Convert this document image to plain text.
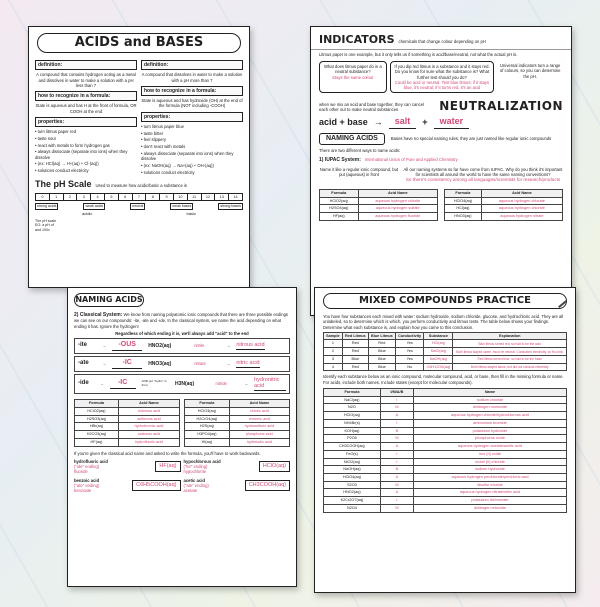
ACIDS and
BASES
definition:
A compound that contains hydrogen acting as a metal and dissolves in water to make a solution with a pH less than 7
how to recognize in a formula:
State is aqueous and has H at the front of formula, OR COOH at the end
properties:
• turn litmus paper red
• taste sour
• react with metals to form hydrogen gas
• always dissociate (separate into ions) when they dissolve
• (ex: HCl(aq) → H+(aq) + Cl-(aq))
• solutions conduct electricity
definition:
A compound that dissolves in water to make a solution with a pH more than 7
how to recognize in a formula:
State is aqueous and has hydroxide (OH) at the end of the formula (NOT including -COOH)
properties:
• turn litmus paper blue
• taste bitter
• feel slippery
• don't react with metals
• always dissociate (separate into ions) when they dissolve
• (ex: NaOH(aq) → Na+(aq) + OH-(aq))
• solutions conduct electricity
The pH Scale Used to measure how acidic/basic a substance is
0	1	2	3	4	5	6	7	8	9	10	11	12	13	14
strong acids	weak acids	neutral	weak bases	strong bases
acidic	basic
The pH scale
EO: a pH of
and 100x
INDICATORS chemicals that change colour depending on pH
Litmus paper is one example, but it only tells us if something is acid/base/neutral, not what the actual pH is.
What does litmus paper do in a neutral substance?
Stays the same colour
If you dip red litmus in a substance and it stays red. Do you know for sure what the substance is? What further test should you do?
Could be acid or neutral. Test blue litmus; if it stays blue, it's neutral; if it turns red, it's an acid
Universal indicators turn a range of colours, so you can determine the pH.
when we mix an acid and base together, they can cancel each other out to make neutral substances	NEUTRALIZATION
acid + base →	salt	+	water
NAMING ACIDS	Bases have no special naming rules, they are just named like regular ionic compounds
There are two different ways to name acids:
1) IUPAC System: International Union of Pure and Applied Chemistry
Name it like a regular ionic compound, but put (aqueous) in front
All our naming systems so far have come from IUPAC. Why do you think it's important for scientists all around the world to have the same naming conventions?
So there's consistency among all languages/scientists for research/products
Formula	Acid Name
HClO2(aq)	aqueous hydrogen chlorite
H2SO4(aq)	aqueous hydrogen sulfate
HF(aq)	aqueous hydrogen fluoride
Formula	Acid Name
HClO4(aq)	aqueous hydrogen chlorate
HCl(aq)	aqueous hydrogen chloride
HNO3(aq)	aqueous hydrogen nitrate
NAMING ACIDS
2) Classical System: We know from naming polyatomic ionic compounds that there are three possible endings we can see on our compounds: -ite, -ate and -ide. In the classical system, we name the acid depending on what ending it has. Ignore the hydrogen!
Regardless of which ending it is, we'll always add "acid" to the end
-ite	→	-OUS	HNO2(aq)	nitrite	→ nitrous acid
-ate	→	-IC	HNO3(aq)	nitrate	→ nitric acid
-ide	→	-IC	AND put "hydro" in front	H3N(aq)	nitride	→
hydronitric acid
Formula	Acid Name
HClO2(aq)	chlorous acid
H2SO3(aq)	sulfurous acid
HBr(aq)	hydrobromic acid
H2CO3(aq)	carbonic acid
HF(aq)	hydrofluoric acid
Formula	Acid Name
HClO3(aq)	chloric acid
H2CrO4(aq)	chromic acid
H2S(aq)	hydrosulfuric acid
H3PO4(aq)	phosphoric acid
HI(aq)	hydroiodic acid
If you're given the classical acid name and asked to write the formula, you'll have to work backwards.
hydrofluoric acid
("ide" ending)
fluoride
HF(aq)
hypochlorous acid
("ite" ending)
hypochlorite
HClO(aq)
benzoic acid
("ate" ending)
benzoate
C6H5COOH(aq)
acetic acid
("ate" ending)
acetate
CH3COOH(aq)
MIXED COMPOUNDS PRACTICE
You have four substances each mixed with water: sodium hydroxide, sodium chloride, glucose, and hydrochloric acid. They are all unlabeled, so to determine which is which, you perform conductivity and litmus tests. The table below shows your findings. Determine what each substance is, and explain how you came to this conclusion.
Sample	Red Litmus	Blue Litmus	Conductivity	Substance	Explanation
1	Red	Red	Yes	HCl(aq)	Blue litmus turned red, so had to be the acid
2	Red	Blue	Yes	NaCl(aq)	Both litmus stayed same, must be neutral. Conducted electricity, so it's ionic
3	Blue	Blue	Yes	NaOH(aq)	Red litmus turned blue, so had to be the base
4	Red	Blue	No	C6H12O6(aq)	Both litmus stayed same, but did not conduct electricity
Identify each substance below as an ionic compound, molecular compound, acid, or base, then fill in the missing formula or name. For acids, include both names. Include states (except for molecular compounds).
Formula	I/M/A/B	Name
NaCl(aq)	I	sodium chloride
N2O	M	dinitrogen monoxide
HClO(aq)	A	aqueous hydrogen chlorite/hydrochlorous acid
NH4Br(s)	I	ammonium bromide
KOH(aq)	B	potassium hydroxide
P2O5	M	phosphorus oxide
CH3COOH(aq)	A	aqueous hydrogen acetate/acetic acid
FeO(s)	I	iron (II) oxide
NiCl2(aq)	I	nickel (II) chloride
NaOH(aq)	B	sodium hydroxide
HClO4(aq)	A	aqueous hydrogen perchlorate/perchloric acid
S2O3	M	disulfur trioxide
HNO2(aq)	A	aqueous hydrogen nitrate/nitric acid
K2Cr2O7(aq)	I	potassium dichromate
N2O4	M	dinitrogen tetroxide
